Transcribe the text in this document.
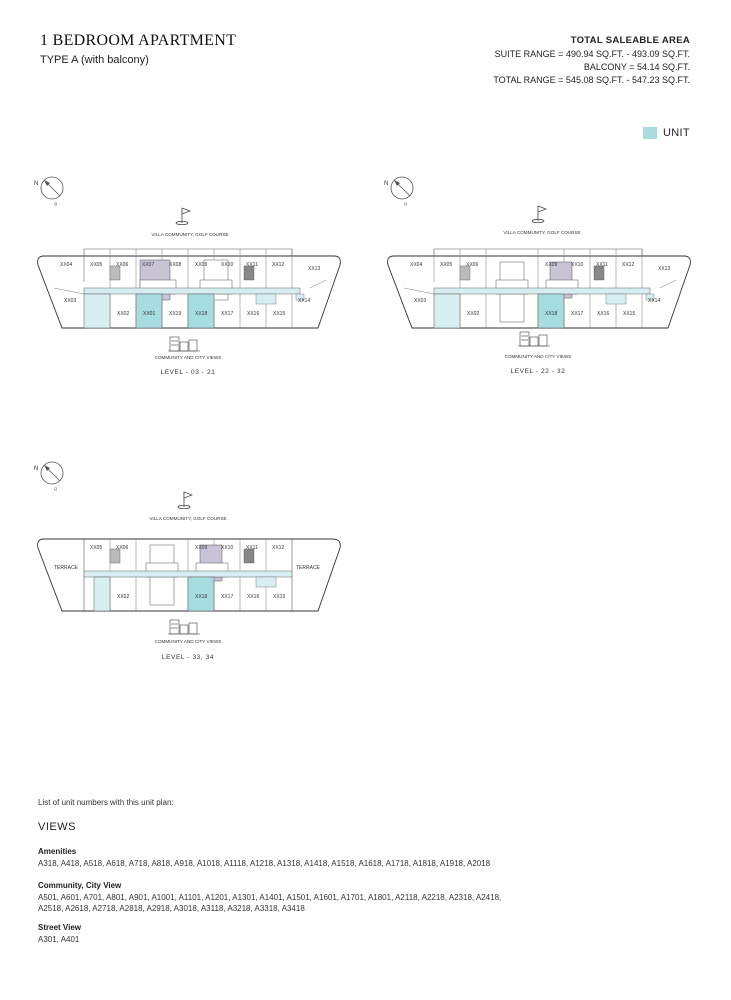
1 BEDROOM APARTMENT
TYPE A (with balcony)
TOTAL SALEABLE AREA
SUITE RANGE = 490.94 SQ.FT. - 493.09 SQ.FT.
BALCONY = 54.14 SQ.FT.
TOTAL RANGE = 545.08 SQ.FT. - 547.23 SQ.FT.
UNIT
N
Q
VILLA COMMUNITY, GOLF COURSE
XX04	XX05	XX06	XX07	XX08	XX09	XX10	XX11	XX12
XX13
XX03
XX02	XX01	XX19	XX18	XX17	XX16	XX15
XX14
COMMUNITY AND CITY VIEWS
LEVEL - 03 - 21
N
Q
VILLA COMMUNITY, GOLF COURSE
XX04	XX05	XX06	XX09	XX10	XX11	XX12
XX13
XX03
XX02	XX18	XX17	XX16	XX15
XX14
COMMUNITY AND CITY VIEWS
LEVEL - 22 - 32
N
Q
VILLA COMMUNITY, GOLF COURSE
TERRACE	TERRACE
XX05	XX06	XX09	XX10	XX11	XX12
XX02	XX18	XX17	XX16	XX15
COMMUNITY AND CITY VIEWS
LEVEL - 33, 34
List of unit numbers with this unit plan:
VIEWS
Amenities
A318, A418, A518, A618, A718, A818, A918, A1018, A1118, A1218, A1318, A1418, A1518, A1618, A1718, A1818, A1918, A2018
Community, City View
A501, A601, A701, A801, A901, A1001, A1101, A1201, A1301, A1401, A1501, A1601, A1701, A1801, A2118, A2218, A2318, A2418, A2518, A2618, A2718, A2818, A2918, A3018, A3118, A3218, A3318, A3418
Street View
A301, A401
